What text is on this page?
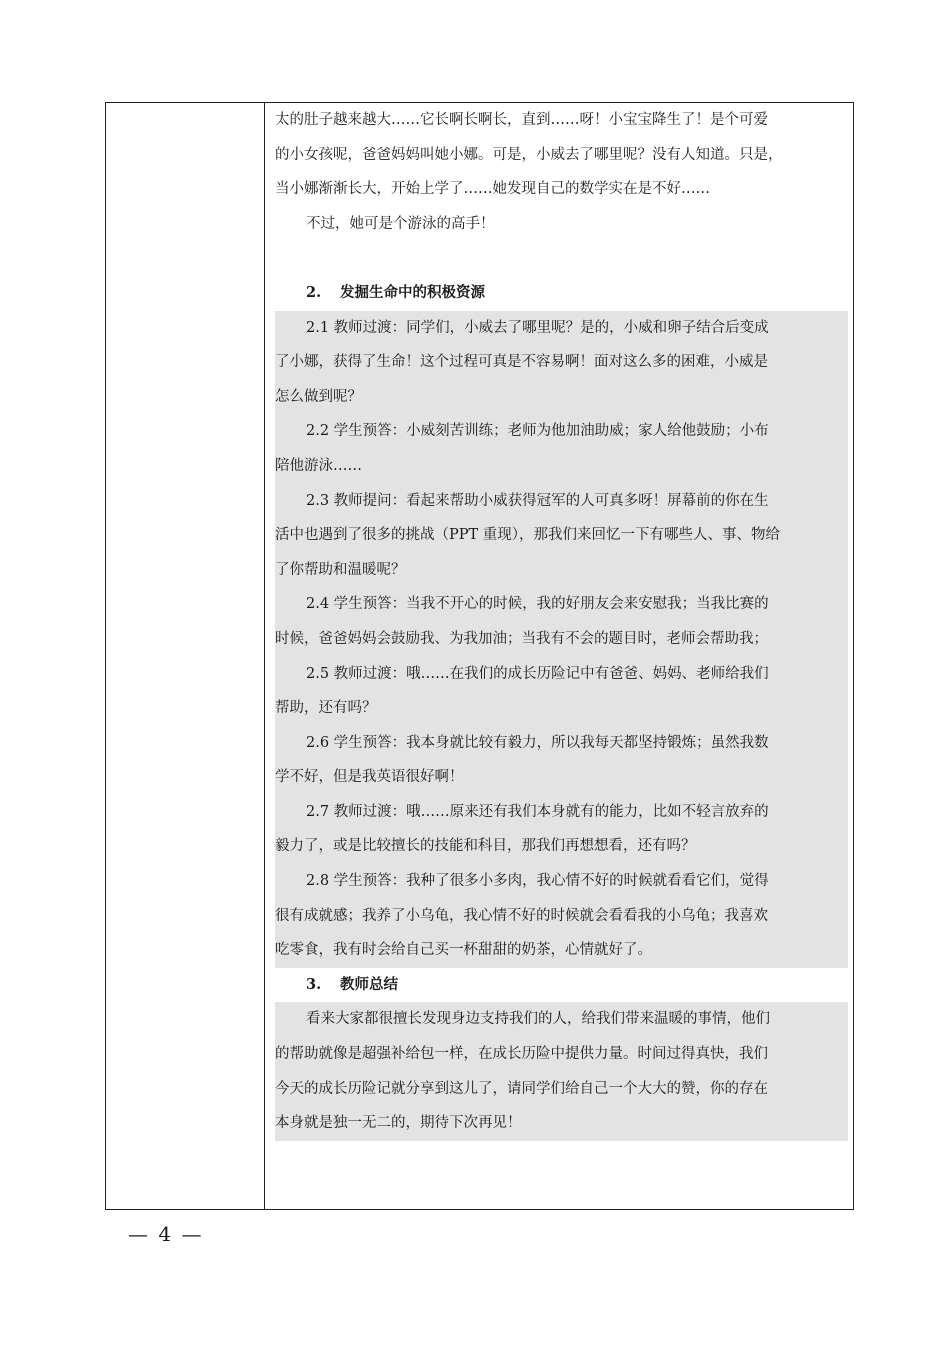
太的肚子越来越大……它长啊长啊长，直到……呀！小宝宝降生了！是个可爱
的小女孩呢，爸爸妈妈叫她小娜。可是，小威去了哪里呢？没有人知道。只是，
当小娜渐渐长大，开始上学了……她发现自己的数学实在是不好……
不过，她可是个游泳的高手！
2. 发掘生命中的积极资源
2.1 教师过渡：同学们，小威去了哪里呢？是的，小威和卵子结合后变成
了小娜，获得了生命！这个过程可真是不容易啊！面对这么多的困难，小威是
怎么做到呢？
2.2 学生预答：小威刻苦训练；老师为他加油助威；家人给他鼓励；小布
陪他游泳……
2.3 教师提问：看起来帮助小威获得冠军的人可真多呀！屏幕前的你在生
活中也遇到了很多的挑战（PPT 重现），那我们来回忆一下有哪些人、事、物给
了你帮助和温暖呢？
2.4 学生预答：当我不开心的时候，我的好朋友会来安慰我；当我比赛的
时候，爸爸妈妈会鼓励我、为我加油；当我有不会的题目时，老师会帮助我；
2.5 教师过渡：哦……在我们的成长历险记中有爸爸、妈妈、老师给我们
帮助，还有吗？
2.6 学生预答：我本身就比较有毅力，所以我每天都坚持锻炼；虽然我数
学不好，但是我英语很好啊！
2.7 教师过渡：哦……原来还有我们本身就有的能力，比如不轻言放弃的
毅力了，或是比较擅长的技能和科目，那我们再想想看，还有吗？
2.8 学生预答：我种了很多小多肉，我心情不好的时候就看看它们，觉得
很有成就感；我养了小乌龟，我心情不好的时候就会看看我的小乌龟；我喜欢
吃零食，我有时会给自己买一杯甜甜的奶茶，心情就好了。
3. 教师总结
看来大家都很擅长发现身边支持我们的人，给我们带来温暖的事情，他们
的帮助就像是超强补给包一样，在成长历险中提供力量。时间过得真快，我们
今天的成长历险记就分享到这儿了，请同学们给自己一个大大的赞，你的存在
本身就是独一无二的，期待下次再见！
— 4 —
